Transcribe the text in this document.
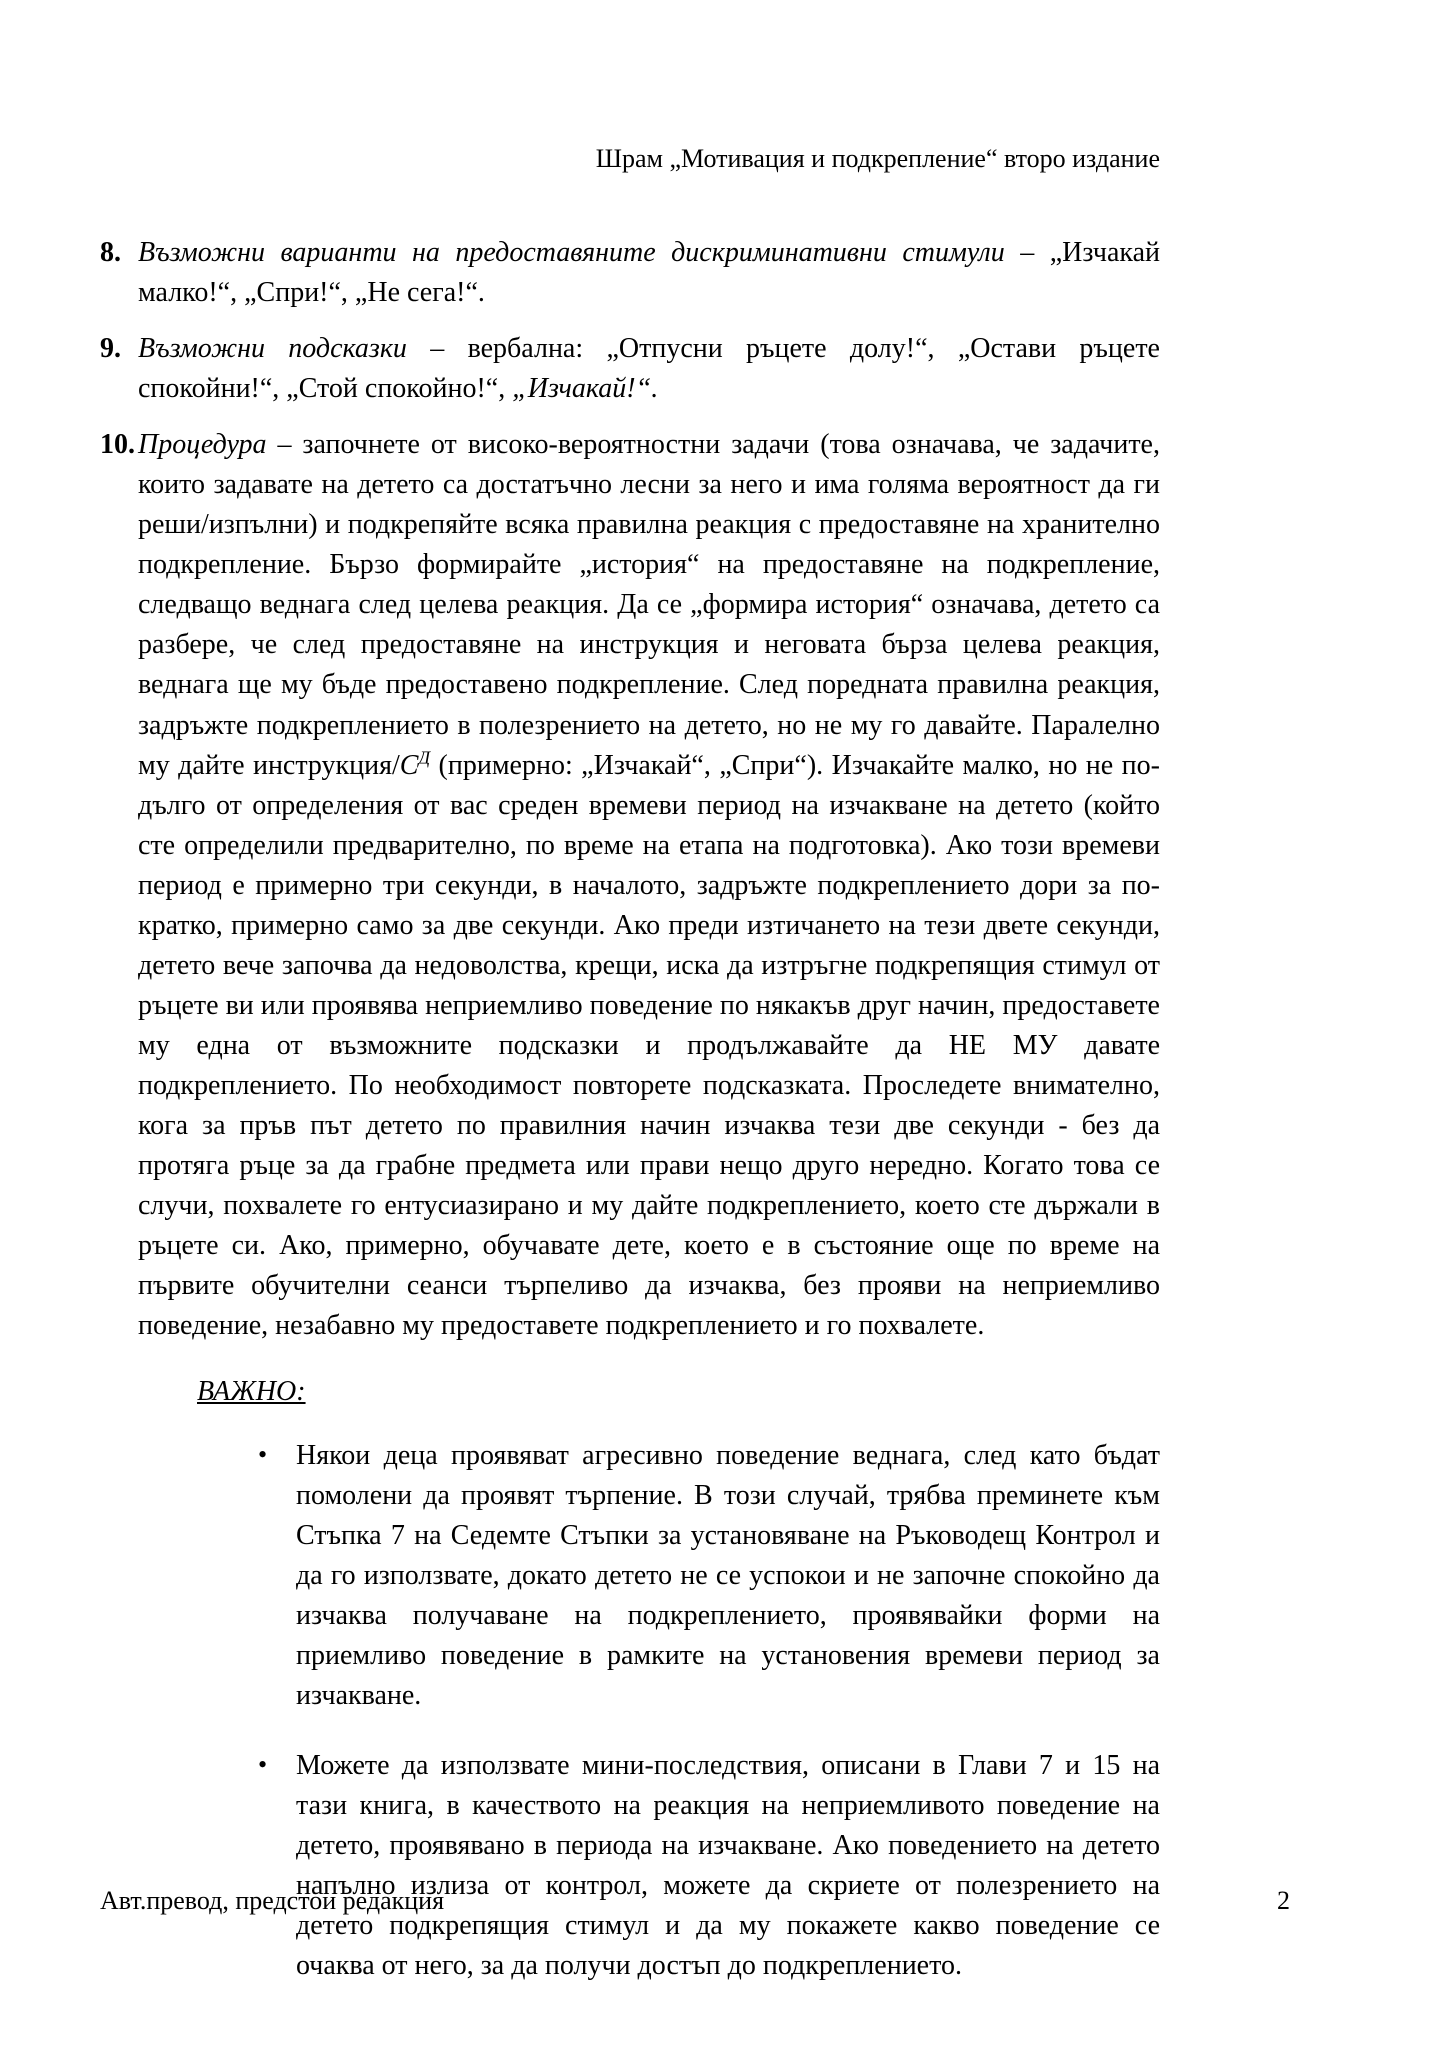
Шрам „Мотивация и подкрепление“ второ издание
8. Възможни варианти на предоставяните дискриминативни стимули – „Изчакай малко!“, „Спри!“, „Не сега!“.
9. Възможни подсказки – вербална: „Отпусни ръцете долу!“, „Остави ръцете спокойни!“, „Стой спокойно!“, „Изчакай!“.
10. Процедура – започнете от високо-вероятностни задачи (това означава, че задачите, които задавате на детето са достатъчно лесни за него и има голяма вероятност да ги реши/изпълни) и подкрепяйте всяка правилна реакция с предоставяне на хранително подкрепление. Бързо формирайте „история“ на предоставяне на подкрепление, следващо веднага след целева реакция. Да се „формира история“ означава, детето са разбере, че след предоставяне на инструкция и неговата бърза целева реакция, веднага ще му бъде предоставено подкрепление. След поредната правилна реакция, задръжте подкреплението в полезрението на детето, но не му го давайте. Паралелно му дайте инструкция/$С^Д$ (примерно: „Изчакай“, „Спри“). Изчакайте малко, но не по-дълго от определения от вас среден времеви период на изчакване на детето (който сте определили предварително, по време на етапа на подготовка). Ако този времеви период е примерно три секунди, в началото, задръжте подкреплението дори за по-кратко, примерно само за две секунди. Ако преди изтичането на тези двете секунди, детето вече започва да недоволства, крещи, иска да изтръгне подкрепящия стимул от ръцете ви или проявява неприемливо поведение по някакъв друг начин, предоставете му една от възможните подсказки и продължавайте да НЕ МУ давате подкреплението. По необходимост повторете подсказката. Проследете внимателно, кога за пръв път детето по правилния начин изчаква тези две секунди - без да протяга ръце за да грабне предмета или прави нещо друго нередно. Когато това се случи, похвалете го ентусиазирано и му дайте подкреплението, което сте държали в ръцете си. Ако, примерно, обучавате дете, което е в състояние още по време на първите обучителни сеанси търпеливо да изчаква, без прояви на неприемливо поведение, незабавно му предоставете подкреплението и го похвалете.
ВАЖНО:
•	Някои деца проявяват агресивно поведение веднага, след като бъдат помолени да проявят търпение. В този случай, трябва преминете към Стъпка 7 на Седемте Стъпки за установяване на Ръководещ Контрол и да го използвате, докато детето не се успокои и не започне спокойно да изчаква получаване на подкреплението, проявявайки форми на приемливо поведение в рамките на установения времеви период за изчакване.
•	Можете да използвате мини-последствия, описани в Глави 7 и 15 на тази книга, в качеството на реакция на неприемливото поведение на детето, проявявано в периода на изчакване. Ако поведението на детето напълно излиза от контрол, можете да скриете от полезрението на детето подкрепящия стимул и да му покажете какво поведение се очаква от него, за да получи достъп до подкреплението.
Авт.превод, предстои редакция	2
